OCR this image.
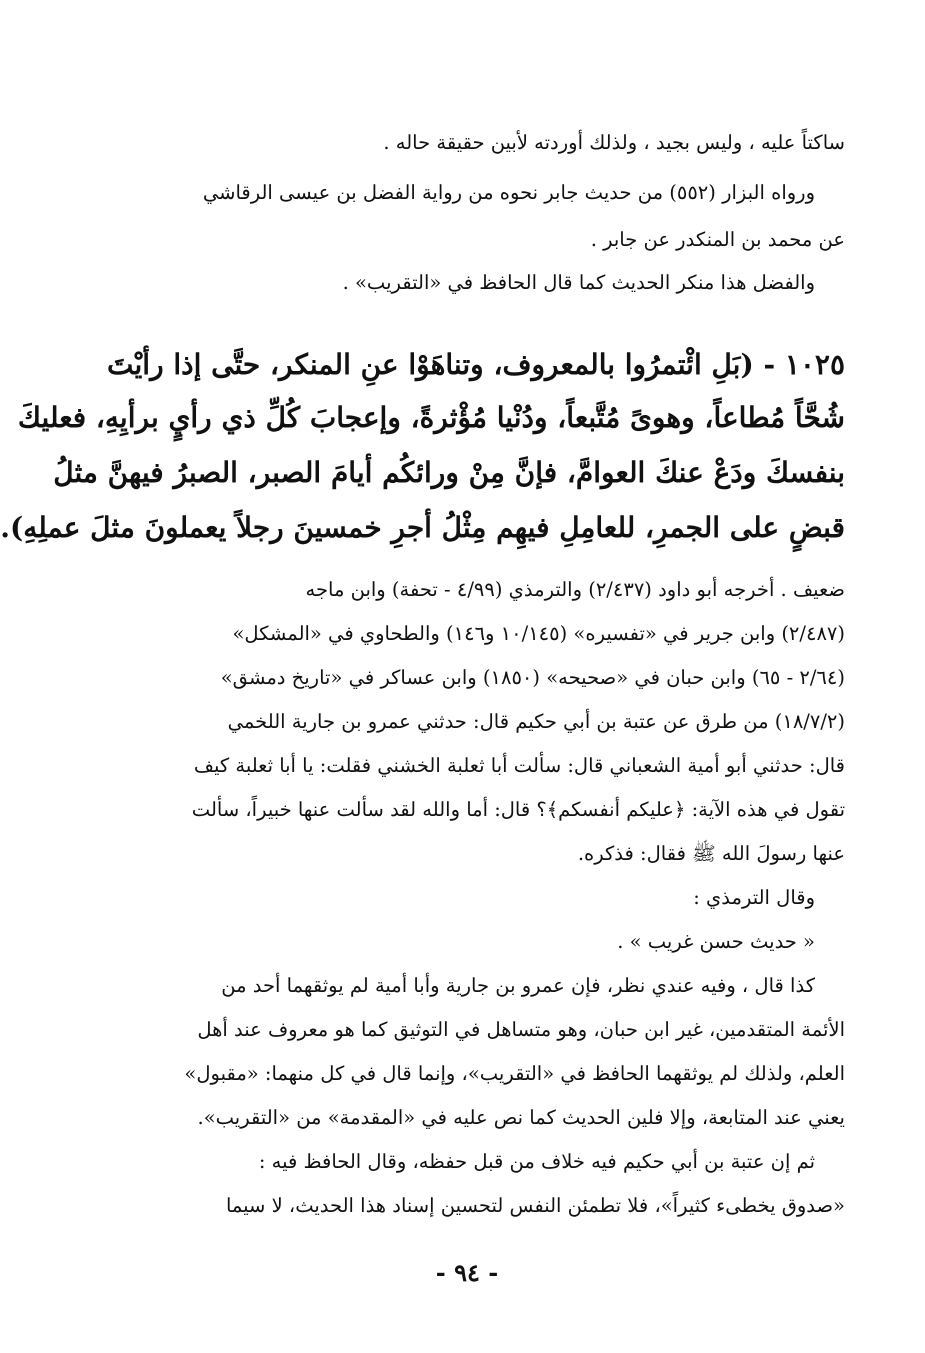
ساكتاً عليه ، وليس بجيد ، ولذلك أوردته لأبين حقيقة حاله .
ورواه البزار (٥٥٢) من حديث جابر نحوه من رواية الفضل بن عيسى الرقاشي
عن محمد بن المنكدر عن جابر .
والفضل هذا منكر الحديث كما قال الحافظ في «التقريب» .
١٠٢٥ - (بَلِ ائْتمرُوا بالمعروف، وتناهَوْا عنِ المنكر، حتَّى إذا رأيْتَ
شُحَّاً مُطاعاً، وهوىً مُتَّبعاً، ودُنْيا مُؤْثرةً، وإعجابَ كُلِّ ذي رأيٍ برأيِهِ، فعليكَ
بنفسكَ ودَعْ عنكَ العوامَّ، فإنَّ مِنْ ورائكُم أيامَ الصبر، الصبرُ فيهنَّ مثلُ
قبضٍ على الجمرِ، للعامِلِ فيهِم مِثْلُ أجرِ خمسينَ رجلاً يعملونَ مثلَ عملِهِ).
ضعيف . أخرجه أبو داود (٢/٤٣٧) والترمذي (٤/٩٩ - تحفة) وابن ماجه
(٢/٤٨٧) وابن جرير في «تفسيره» (١٠/١٤٥ و١٤٦) والطحاوي في «المشكل»
(٢/٦٤ - ٦٥) وابن حبان في «صحيحه» (١٨٥٠) وابن عساكر في «تاريخ دمشق»
(١٨/٧/٢) من طرق عن عتبة بن أبي حكيم قال: حدثني عمرو بن جارية اللخمي
قال: حدثني أبو أمية الشعباني قال: سألت أبا ثعلبة الخشني فقلت: يا أبا ثعلبة كيف
تقول في هذه الآية: ﴿عليكم أنفسكم﴾؟ قال: أما والله لقد سألت عنها خبيراً، سألت
عنها رسولَ الله ﷺ فقال: فذكره.
وقال الترمذي :
« حديث حسن غريب » .
كذا قال ، وفيه عندي نظر، فإن عمرو بن جارية وأبا أمية لم يوثقهما أحد من
الأئمة المتقدمين، غير ابن حبان، وهو متساهل في التوثيق كما هو معروف عند أهل
العلم، ولذلك لم يوثقهما الحافظ في «التقريب»، وإنما قال في كل منهما: «مقبول»
يعني عند المتابعة، وإلا فلين الحديث كما نص عليه في «المقدمة» من «التقريب».
ثم إن عتبة بن أبي حكيم فيه خلاف من قبل حفظه، وقال الحافظ فيه :
«صدوق يخطىء كثيراً»، فلا تطمئن النفس لتحسين إسناد هذا الحديث، لا سيما
- ٩٤ -
